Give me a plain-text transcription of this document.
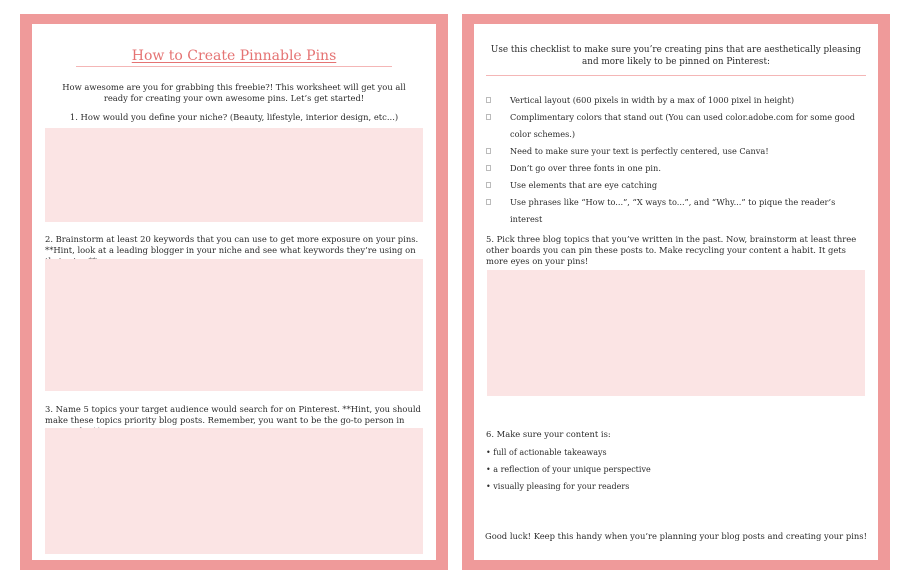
How to Create Pinnable Pins
How awesome are you for grabbing this freebie?! This worksheet will get you all ready for creating your own awesome pins. Let’s get started!
1. How would you define your niche? (Beauty, lifestyle, interior design, etc...)
2. Brainstorm at least 20 keywords that you can use to get more exposure on your pins. **Hint, look at a leading blogger in your niche and see what keywords they’re using on
3. Name 5 topics your target audience would search for on Pinterest. **Hint, you should make these topics priority blog posts. Remember, you want to be the go-to person in
Use this checklist to make sure you’re creating pins that are aesthetically pleasing and more likely to be pinned on Pinterest:
Vertical layout (600 pixels in width by a max of 1000 pixel in height)
Complimentary colors that stand out (You can used color.adobe.com for some good color schemes.)
Need to make sure your text is perfectly centered, use Canva!
Don’t go over three fonts in one pin.
Use elements that are eye catching
Use phrases like “How to...”, “X ways to...”, and “Why...” to pique the reader’s interest
5. Pick three blog topics that you’ve written in the past. Now, brainstorm at least three other boards you can pin these posts to. Make recycling your content a habit. It gets more eyes on your pins!
6. Make sure your content is:
• full of actionable takeaways
• a reflection of your unique perspective
• visually pleasing for your readers
Good luck! Keep this handy when you’re planning your blog posts and creating your pins!
